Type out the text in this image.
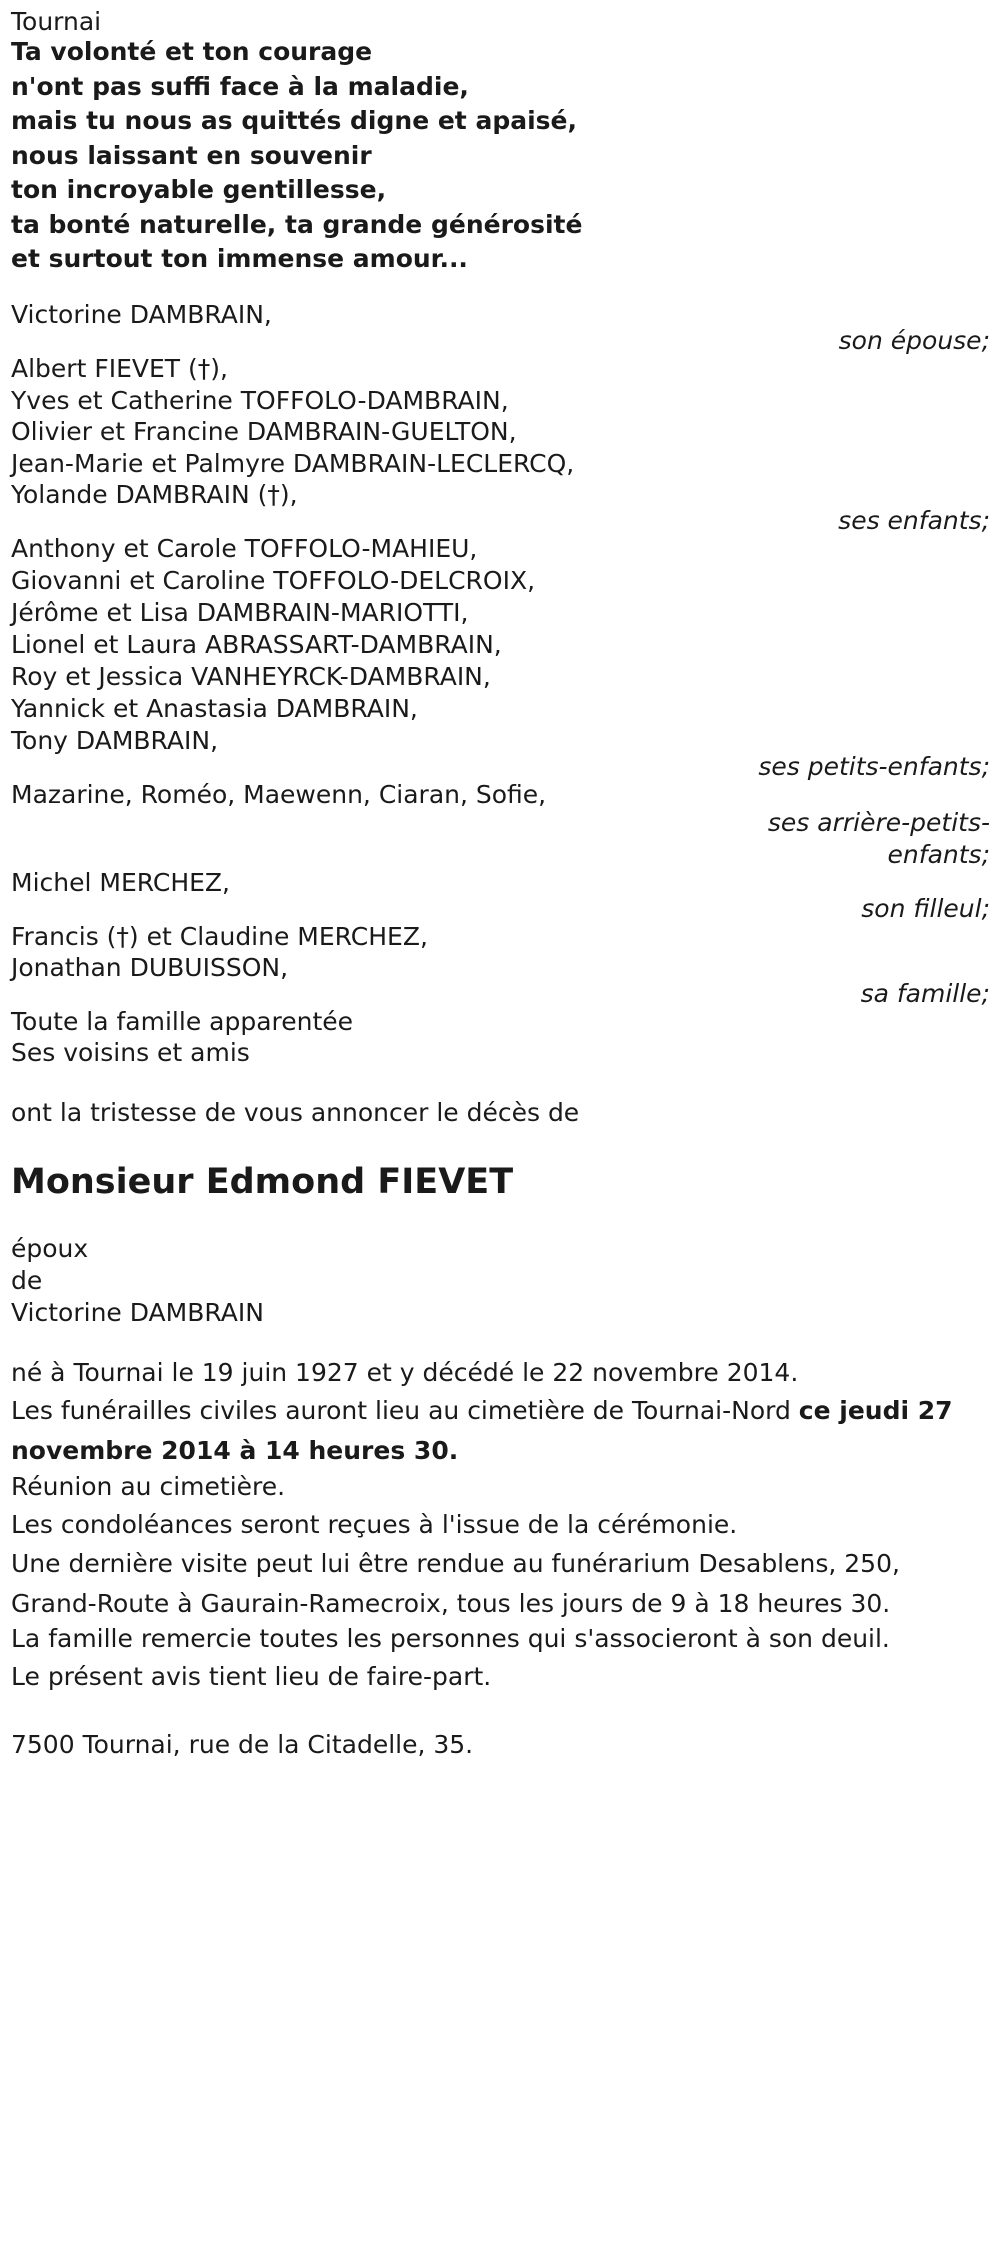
Tournai
Ta volonté et ton courage
n'ont pas suffi face à la maladie,
mais tu nous as quittés digne et apaisé,
nous laissant en souvenir
ton incroyable gentillesse,
ta bonté naturelle, ta grande générosité
et surtout ton immense amour...
Victorine DAMBRAIN,
son épouse;
Albert FIEVET (†),
Yves et Catherine TOFFOLO-DAMBRAIN,
Olivier et Francine DAMBRAIN-GUELTON,
Jean-Marie et Palmyre DAMBRAIN-LECLERCQ,
Yolande DAMBRAIN (†),
ses enfants;
Anthony et Carole TOFFOLO-MAHIEU,
Giovanni et Caroline TOFFOLO-DELCROIX,
Jérôme et Lisa DAMBRAIN-MARIOTTI,
Lionel et Laura ABRASSART-DAMBRAIN,
Roy et Jessica VANHEYRCK-DAMBRAIN,
Yannick et Anastasia DAMBRAIN,
Tony DAMBRAIN,
ses petits-enfants;
Mazarine, Roméo, Maewenn, Ciaran, Sofie,
ses arrière-petits-
enfants;
Michel MERCHEZ,
son filleul;
Francis (†) et Claudine MERCHEZ,
Jonathan DUBUISSON,
sa famille;
Toute la famille apparentée
Ses voisins et amis
ont la tristesse de vous annoncer le décès de
Monsieur Edmond FIEVET
époux
de
Victorine DAMBRAIN
né à Tournai le 19 juin 1927 et y décédé le 22 novembre 2014.
Les funérailles civiles auront lieu au cimetière de Tournai-Nord ce jeudi 27 novembre 2014 à 14 heures 30.
Réunion au cimetière.
Les condoléances seront reçues à l'issue de la cérémonie.
Une dernière visite peut lui être rendue au funérarium Desablens, 250, Grand-Route à Gaurain-Ramecroix, tous les jours de 9 à 18 heures 30.
La famille remercie toutes les personnes qui s'associeront à son deuil.
Le présent avis tient lieu de faire-part.
7500 Tournai, rue de la Citadelle, 35.
